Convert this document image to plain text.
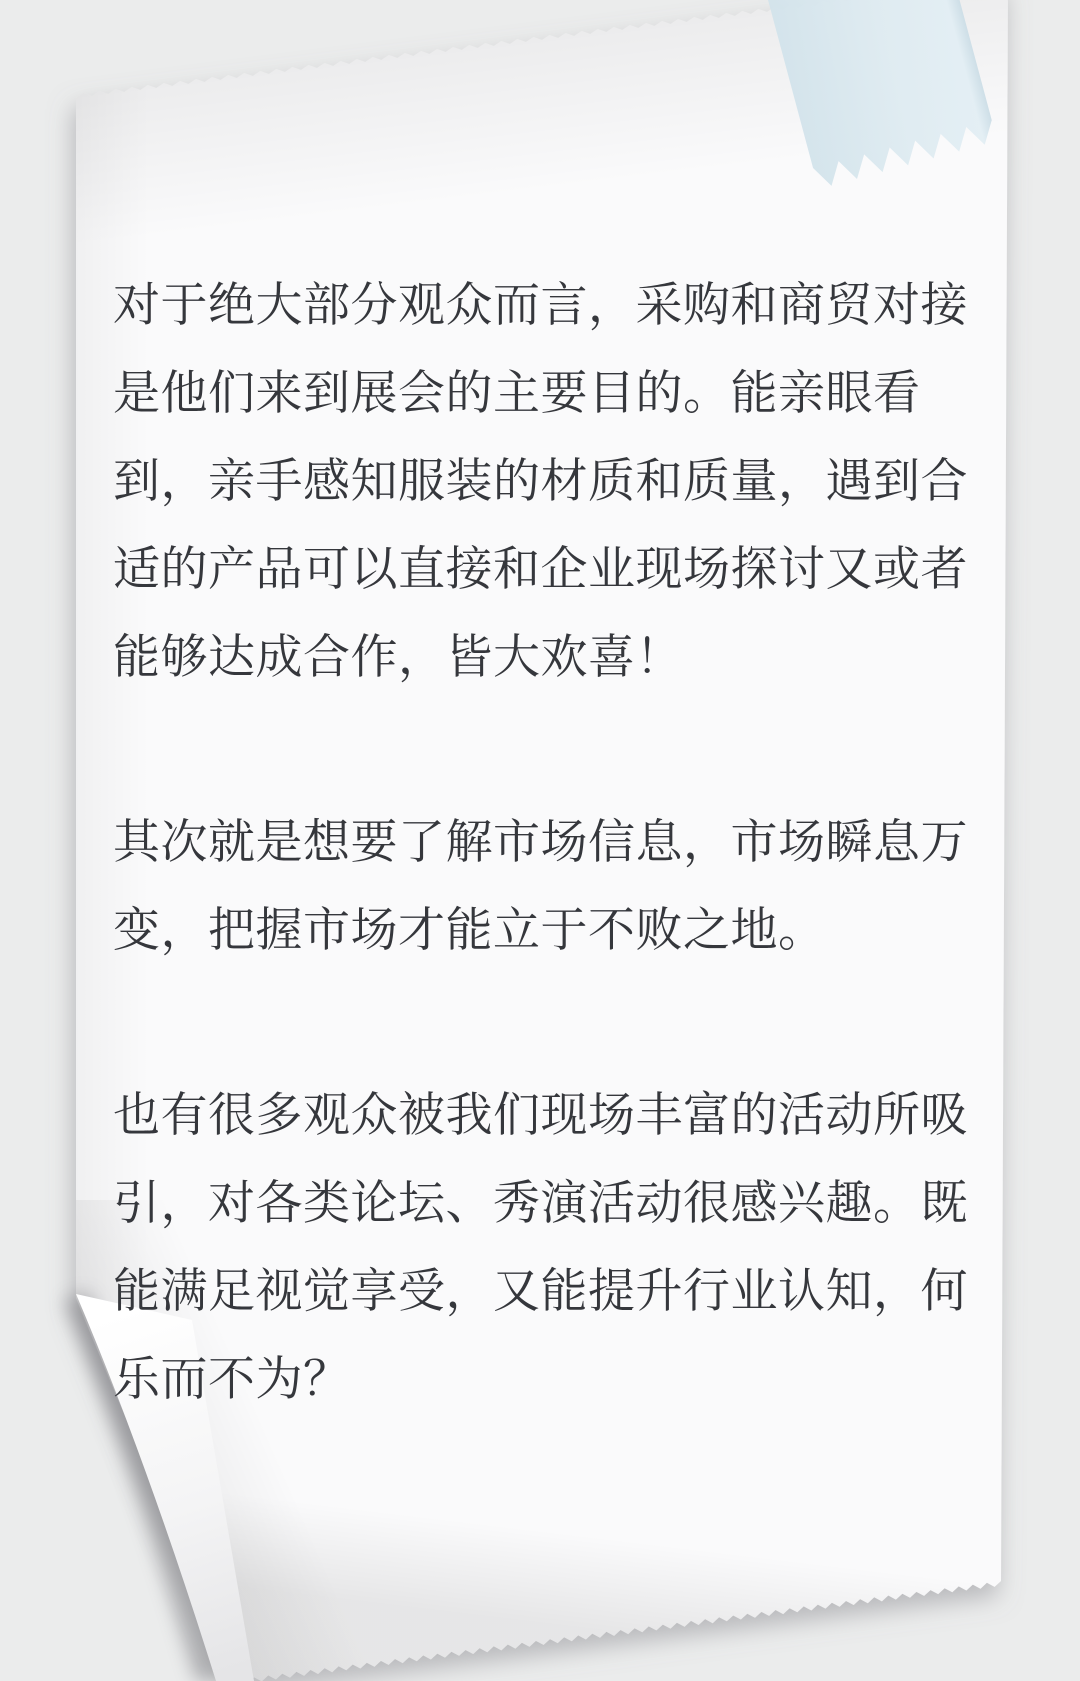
对于绝大部分观众而言，采购和商贸对接是他们来到展会的主要目的。能亲眼看到，亲手感知服装的材质和质量，遇到合适的产品可以直接和企业现场探讨又或者能够达成合作，皆大欢喜！

其次就是想要了解市场信息，市场瞬息万变，把握市场才能立于不败之地。

也有很多观众被我们现场丰富的活动所吸引，对各类论坛、秀演活动很感兴趣。既能满足视觉享受，又能提升行业认知，何乐而不为？
